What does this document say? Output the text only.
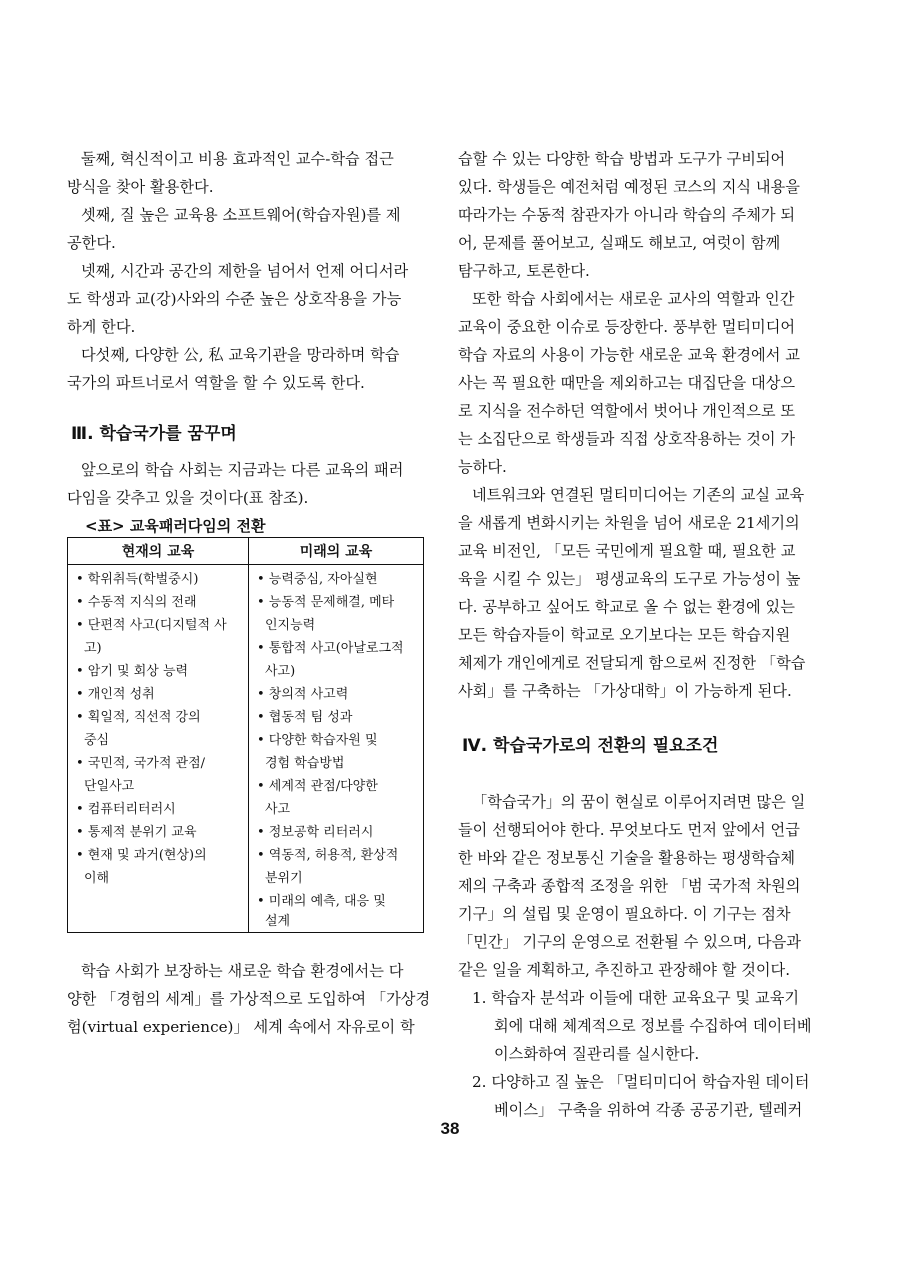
둘째, 혁신적이고 비용 효과적인 교수-학습 접근
방식을 찾아 활용한다.
셋째, 질 높은 교육용 소프트웨어(학습자원)를 제
공한다.
넷째, 시간과 공간의 제한을 넘어서 언제 어디서라
도 학생과 교(강)사와의 수준 높은 상호작용을 가능
하게 한다.
다섯째, 다양한 公, 私 교육기관을 망라하며 학습
국가의 파트너로서 역할을 할 수 있도록 한다.
Ⅲ. 학습국가를 꿈꾸며
앞으로의 학습 사회는 지금과는 다른 교육의 패러
다임을 갖추고 있을 것이다(표 참조).
<표> 교육패러다임의 전환
현재의 교육	미래의 교육
• 학위취득(학벌중시)
• 수동적 지식의 전래
• 단편적 사고(디지털적 사
고)
• 암기 및 회상 능력
• 개인적 성취
• 획일적, 직선적 강의
중심
• 국민적, 국가적 관점/
단일사고
• 컴퓨터리터러시
• 통제적 분위기 교육
• 현재 및 과거(현상)의
이해
• 능력중심, 자아실현
• 능동적 문제해결, 메타
인지능력
• 통합적 사고(아날로그적
사고)
• 창의적 사고력
• 협동적 팀 성과
• 다양한 학습자원 및
경험 학습방법
• 세계적 관점/다양한
사고
• 정보공학 리터러시
• 역동적, 허용적, 환상적
분위기
• 미래의 예측, 대응 및
설계
학습 사회가 보장하는 새로운 학습 환경에서는 다
양한 「경험의 세계」를 가상적으로 도입하여 「가상경
험(virtual experience)」 세계 속에서 자유로이 학
습할 수 있는 다양한 학습 방법과 도구가 구비되어
있다. 학생들은 예전처럼 예정된 코스의 지식 내용을
따라가는 수동적 참관자가 아니라 학습의 주체가 되
어, 문제를 풀어보고, 실패도 해보고, 여럿이 함께
탐구하고, 토론한다.
또한 학습 사회에서는 새로운 교사의 역할과 인간
교육이 중요한 이슈로 등장한다. 풍부한 멀티미디어
학습 자료의 사용이 가능한 새로운 교육 환경에서 교
사는 꼭 필요한 때만을 제외하고는 대집단을 대상으
로 지식을 전수하던 역할에서 벗어나 개인적으로 또
는 소집단으로 학생들과 직접 상호작용하는 것이 가
능하다.
네트워크와 연결된 멀티미디어는 기존의 교실 교육
을 새롭게 변화시키는 차원을 넘어 새로운 21세기의
교육 비전인, 「모든 국민에게 필요할 때, 필요한 교
육을 시킬 수 있는」 평생교육의 도구로 가능성이 높
다. 공부하고 싶어도 학교로 올 수 없는 환경에 있는
모든 학습자들이 학교로 오기보다는 모든 학습지원
체제가 개인에게로 전달되게 함으로써 진정한 「학습
사회」를 구축하는 「가상대학」이 가능하게 된다.
Ⅳ. 학습국가로의 전환의 필요조건
「학습국가」의 꿈이 현실로 이루어지려면 많은 일
들이 선행되어야 한다. 무엇보다도 먼저 앞에서 언급
한 바와 같은 정보통신 기술을 활용하는 평생학습체
제의 구축과 종합적 조정을 위한 「범 국가적 차원의
기구」의 설립 및 운영이 필요하다. 이 기구는 점차
「민간」 기구의 운영으로 전환될 수 있으며, 다음과
같은 일을 계획하고, 추진하고 관장해야 할 것이다.
1. 학습자 분석과 이들에 대한 교육요구 및 교육기
회에 대해 체계적으로 정보를 수집하여 데이터베
이스화하여 질관리를 실시한다.
2. 다양하고 질 높은 「멀티미디어 학습자원 데이터
베이스」 구축을 위하여 각종 공공기관, 텔레커
38
